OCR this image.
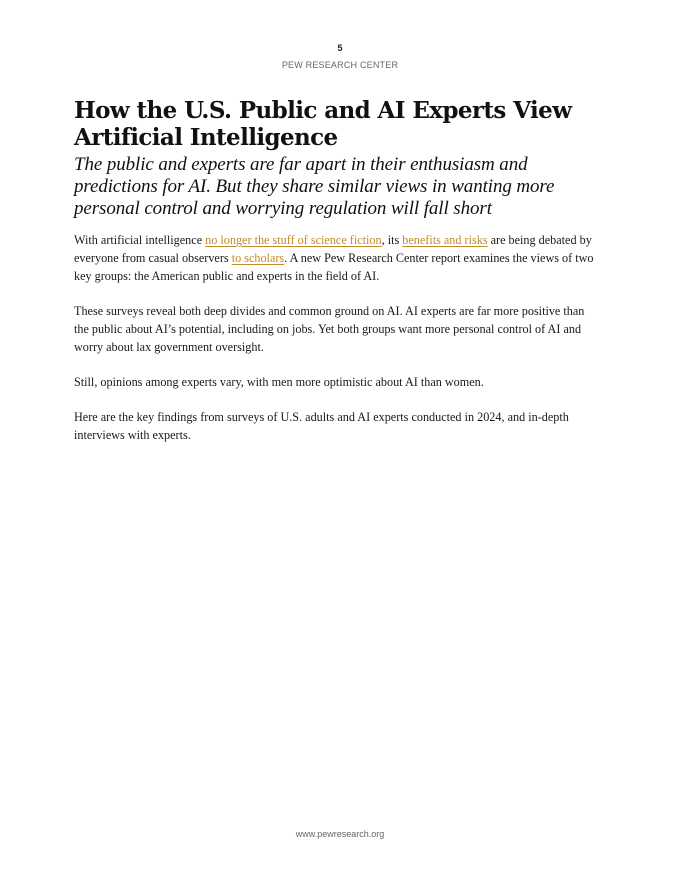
5
PEW RESEARCH CENTER
How the U.S. Public and AI Experts View Artificial Intelligence

The public and experts are far apart in their enthusiasm and predictions for AI. But they share similar views in wanting more personal control and worrying regulation will fall short

With artificial intelligence no longer the stuff of science fiction, its benefits and risks are being debated by everyone from casual observers to scholars. A new Pew Research Center report examines the views of two key groups: the American public and experts in the field of AI.

These surveys reveal both deep divides and common ground on AI. AI experts are far more positive than the public about AI’s potential, including on jobs. Yet both groups want more personal control of AI and worry about lax government oversight.

Still, opinions among experts vary, with men more optimistic about AI than women.

Here are the key findings from surveys of U.S. adults and AI experts conducted in 2024, and in-depth interviews with experts.

www.pewresearch.org
